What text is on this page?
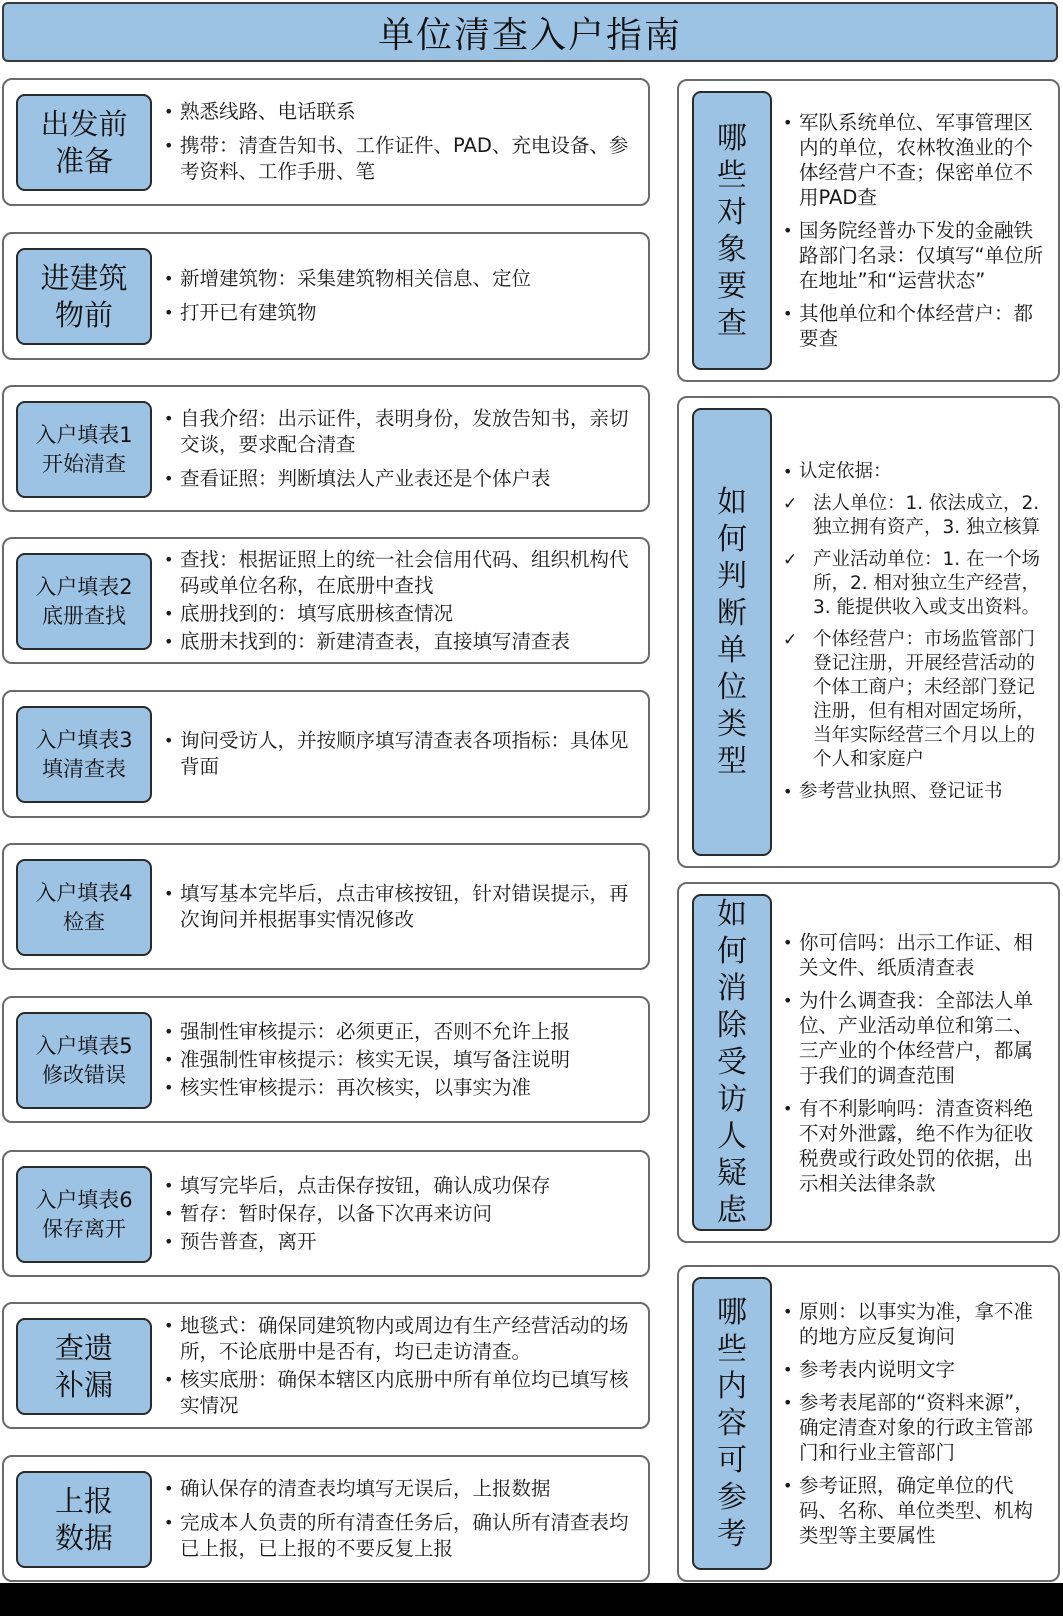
单位清查入户指南
出发前
准备
• 熟悉线路、电话联系
• 携带：清查告知书、工作证件、PAD、充电设备、参考资料、工作手册、笔
进建筑
物前
• 新增建筑物：采集建筑物相关信息、定位
• 打开已有建筑物
入户填表1
开始清查
• 自我介绍：出示证件，表明身份，发放告知书，亲切交谈，要求配合清查
• 查看证照：判断填法人产业表还是个体户表
入户填表2
底册查找
• 查找：根据证照上的统一社会信用代码、组织机构代码或单位名称，在底册中查找
• 底册找到的：填写底册核查情况
• 底册未找到的：新建清查表，直接填写清查表
入户填表3
填清查表
• 询问受访人，并按顺序填写清查表各项指标：具体见背面
入户填表4
检查
• 填写基本完毕后，点击审核按钮，针对错误提示，再次询问并根据事实情况修改
入户填表5
修改错误
• 强制性审核提示：必须更正，否则不允许上报
• 准强制性审核提示：核实无误，填写备注说明
• 核实性审核提示：再次核实，以事实为准
入户填表6
保存离开
• 填写完毕后，点击保存按钮，确认成功保存
• 暂存：暂时保存，以备下次再来访问
• 预告普查，离开
查遗
补漏
• 地毯式：确保同建筑物内或周边有生产经营活动的场所，不论底册中是否有，均已走访清查。
• 核实底册：确保本辖区内底册中所有单位均已填写核实情况
上报
数据
• 确认保存的清查表均填写无误后，上报数据
• 完成本人负责的所有清查任务后，确认所有清查表均已上报，已上报的不要反复上报
哪
些
对
象
要
查
• 军队系统单位、军事管理区内的单位，农林牧渔业的个体经营户不查；保密单位不用PAD查
• 国务院经普办下发的金融铁路部门名录：仅填写“单位所在地址”和“运营状态”
• 其他单位和个体经营户：都要查
如
何
判
断
单
位
类
型
• 认定依据：
✓ 法人单位：1. 依法成立，2. 独立拥有资产，3. 独立核算
✓ 产业活动单位：1. 在一个场所，2. 相对独立生产经营，3. 能提供收入或支出资料。
✓ 个体经营户：市场监管部门登记注册，开展经营活动的个体工商户；未经部门登记注册，但有相对固定场所，当年实际经营三个月以上的个人和家庭户
• 参考营业执照、登记证书
如
何
消
除
受
访
人
疑
虑
• 你可信吗：出示工作证、相关文件、纸质清查表
• 为什么调查我：全部法人单位、产业活动单位和第二、三产业的个体经营户，都属于我们的调查范围
• 有不利影响吗：清查资料绝不对外泄露，绝不作为征收税费或行政处罚的依据，出示相关法律条款
哪
些
内
容
可
参
考
• 原则：以事实为准，拿不准的地方应反复询问
• 参考表内说明文字
• 参考表尾部的“资料来源”，确定清查对象的行政主管部门和行业主管部门
• 参考证照，确定单位的代码、名称、单位类型、机构类型等主要属性
